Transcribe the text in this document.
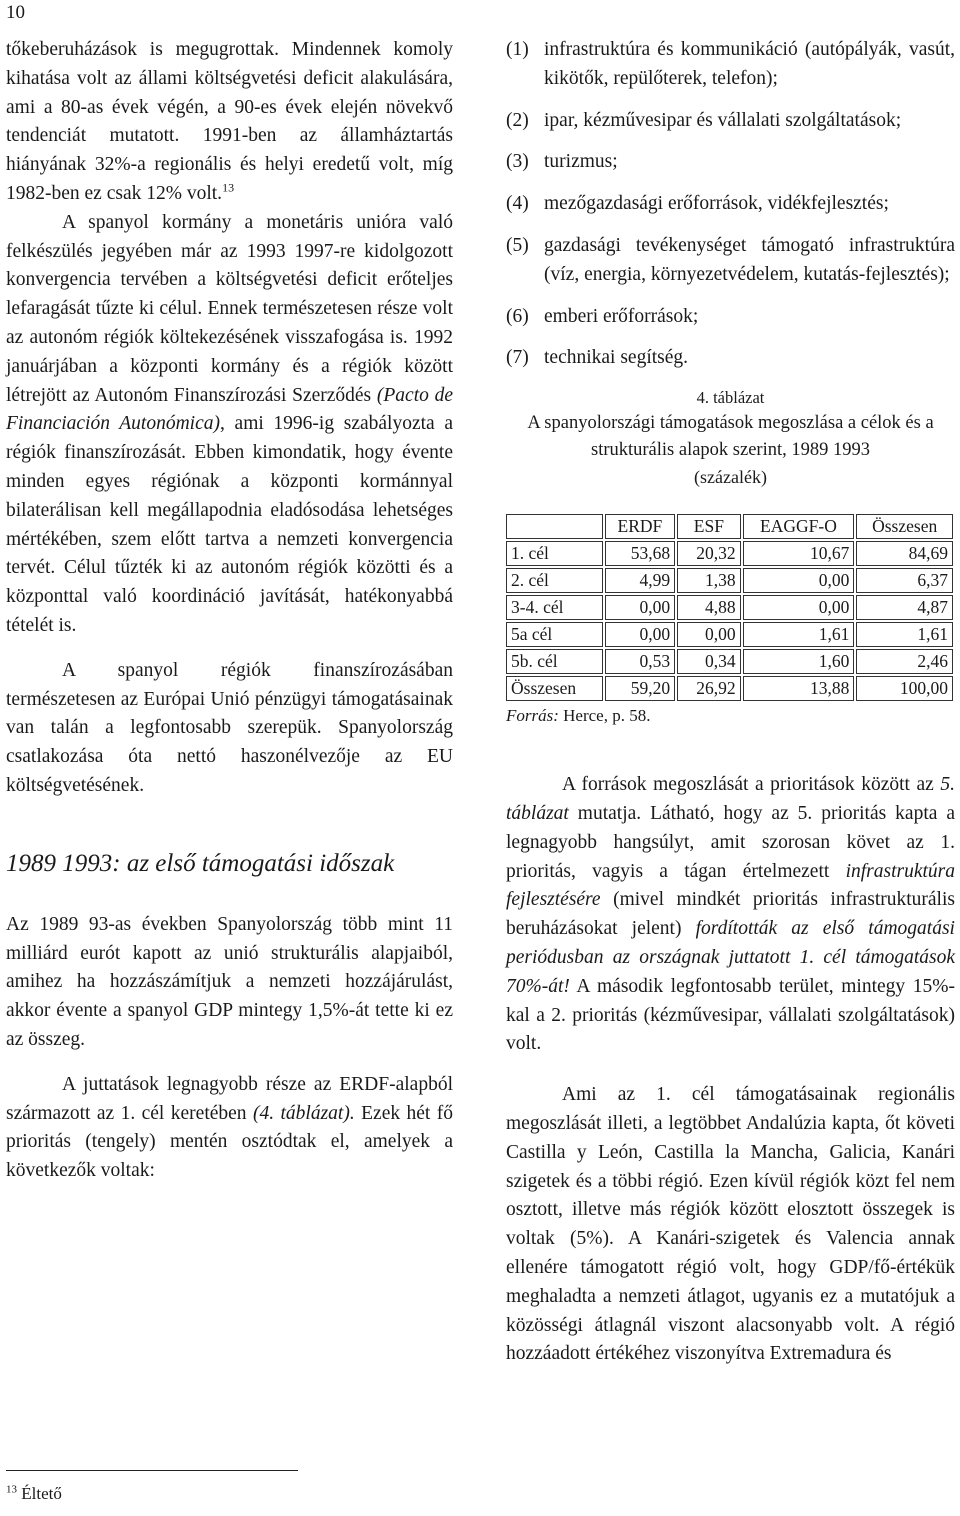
10

tőkeberuházások is megugrottak. Mindennek komoly kihatása volt az állami költségvetési deficit alakulására, ami a 80-as évek végén, a 90-es évek elején növekvő tendenciát mutatott. 1991-ben az államháztartás hiányának 32%-a regionális és helyi eredetű volt, míg 1982-ben ez csak 12% volt.$^{13}$

A spanyol kormány a monetáris unióra való felkészülés jegyében már az 1993 1997-re kidolgozott konvergencia tervében a költségvetési deficit erőteljes lefaragását tűzte ki célul. Ennek természetesen része volt az autonóm régiók költekezésének visszafogása is. 1992 januárjában a központi kormány és a régiók között létrejött az Autonóm Finanszírozási Szerződés (Pacto de Financiación Autonómica), ami 1996-ig szabályozta a régiók finanszírozását. Ebben kimondatik, hogy évente minden egyes régiónak a központi kormánnyal bilaterálisan kell megállapodnia eladósodása lehetséges mértékében, szem előtt tartva a nemzeti konvergencia tervét. Célul tűzték ki az autonóm régiók közötti és a központtal való koordináció javítását, hatékonyabbá tételét is.

A spanyol régiók finanszírozásában természetesen az Európai Unió pénzügyi támogatásainak van talán a legfontosabb szerepük. Spanyolország csatlakozása óta nettó haszonélvezője az EU költségvetésének.

1989 1993: az első támogatási időszak

Az 1989 93-as években Spanyolország több mint 11 milliárd eurót kapott az unió strukturális alapjaiból, amihez ha hozzászámítjuk a nemzeti hozzájárulást, akkor évente a spanyol GDP mintegy 1,5%-át tette ki ez az összeg.

A juttatások legnagyobb része az ERDF-alapból származott az 1. cél keretében (4. táblázat). Ezek hét fő prioritás (tengely) mentén osztódtak el, amelyek a következők voltak:

$^{13}$ Éltető
(1) infrastruktúra és kommunikáció (autópályák, vasút, kikötők, repülőterek, telefon);
(2) ipar, kézművesipar és vállalati szolgáltatások;
(3) turizmus;
(4) mezőgazdasági erőforrások, vidékfejlesztés;
(5) gazdasági tevékenységet támogató infrastruktúra (víz, energia, környezetvédelem, kutatás-fejlesztés);
(6) emberi erőforrások;
(7) technikai segítség.
4. táblázat
A spanyolországi támogatások megoszlása a célok és a strukturális alapok szerint, 1989 1993
(százalék)
	ERDF	ESF	EAGGF-O	Összesen
1. cél	53,68	20,32	10,67	84,69
2. cél	4,99	1,38	0,00	6,37
3-4. cél	0,00	4,88	0,00	4,87
5a cél	0,00	0,00	1,61	1,61
5b. cél	0,53	0,34	1,60	2,46
Összesen	59,20	26,92	13,88	100,00
Forrás: Herce, p. 58.

A források megoszlását a prioritások között az 5. táblázat mutatja. Látható, hogy az 5. prioritás kapta a legnagyobb hangsúlyt, amit szorosan követ az 1. prioritás, vagyis a tágan értelmezett infrastruktúra fejlesztésére (mivel mindkét prioritás infrastrukturális beruházásokat jelent) fordították az első támogatási periódusban az országnak juttatott 1. cél támogatások 70%-át! A második legfontosabb terület, mintegy 15%-kal a 2. prioritás (kézművesipar, vállalati szolgáltatások) volt.

Ami az 1. cél támogatásainak regionális megoszlását illeti, a legtöbbet Andalúzia kapta, őt követi Castilla y León, Castilla la Mancha, Galicia, Kanári szigetek és a többi régió. Ezen kívül régiók közt fel nem osztott, illetve más régiók között elosztott összegek is voltak (5%). A Kanári-szigetek és Valencia annak ellenére támogatott régió volt, hogy GDP/fő-értékük meghaladta a nemzeti átlagot, ugyanis ez a mutatójuk a közösségi átlagnál viszont alacsonyabb volt. A régió hozzáadott értékéhez viszonyítva Extremadura és
